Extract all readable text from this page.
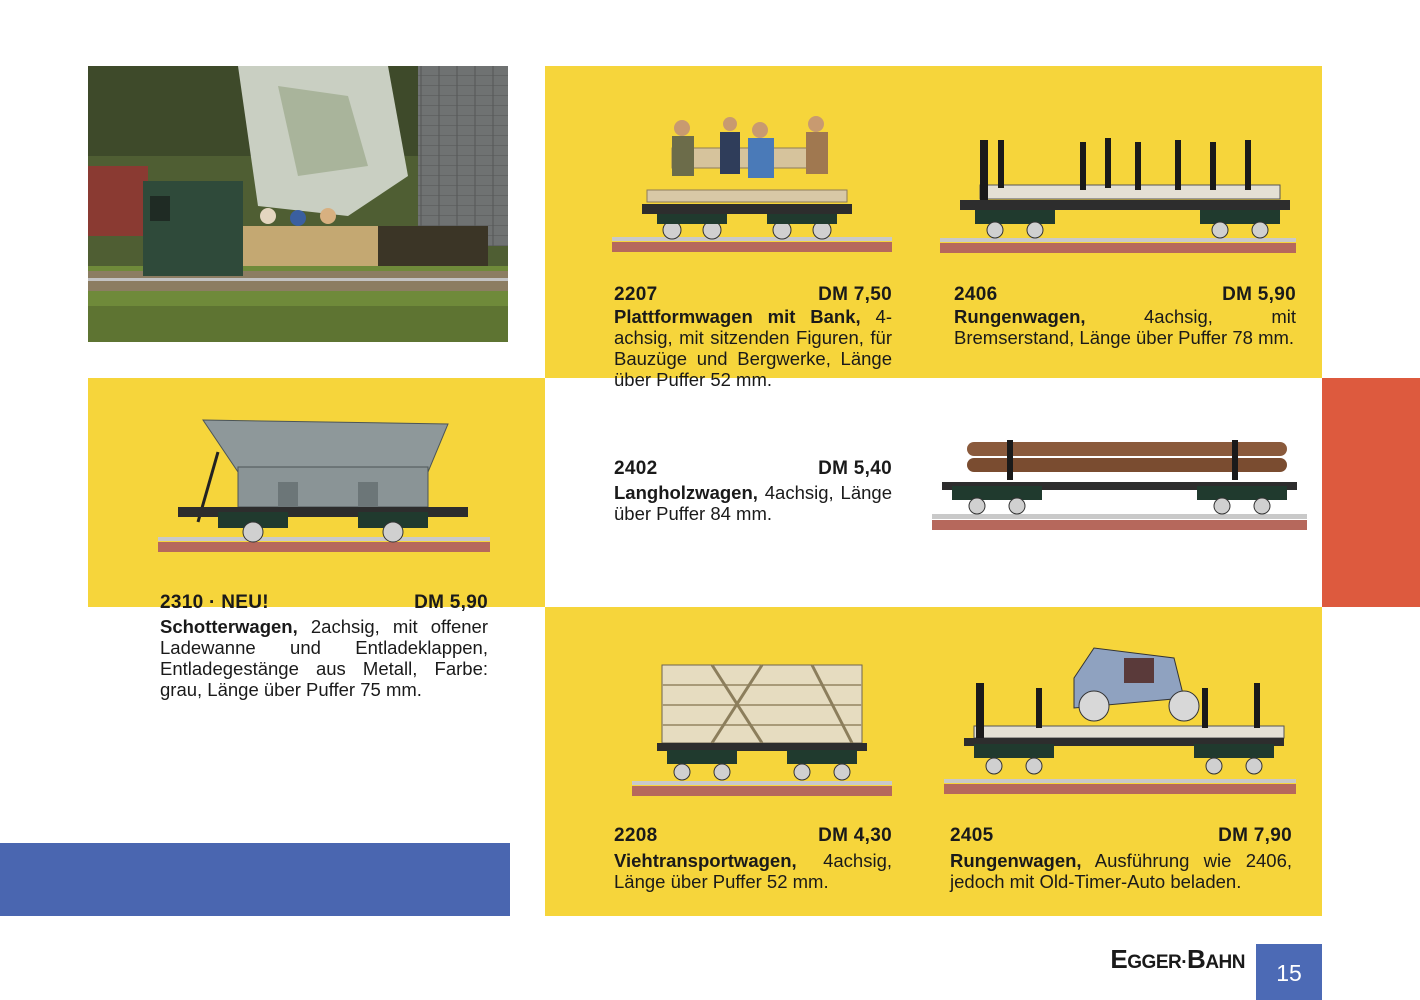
2207	DM 7,50
Plattformwagen mit Bank, 4-achsig, mit sitzenden Figuren, für Bauzüge und Bergwerke, Länge über Puffer 52 mm.
2406	DM 5,90
Rungenwagen, 4achsig, mit Bremserstand, Länge über Puffer 78 mm.
2310 · NEU!	DM 5,90
Schotterwagen, 2achsig, mit offener Ladewanne und Entladeklappen, Entladegestänge aus Metall, Farbe: grau, Länge über Puffer 75 mm.
2402	DM 5,40
Langholzwagen, 4achsig, Länge über Puffer 84 mm.
2208	DM 4,30
Viehtransportwagen, 4achsig, Länge über Puffer 52 mm.
2405	DM 7,90
Rungenwagen, Ausführung wie 2406, jedoch mit Old-Timer-Auto beladen.
EGGER·BAHN	15
